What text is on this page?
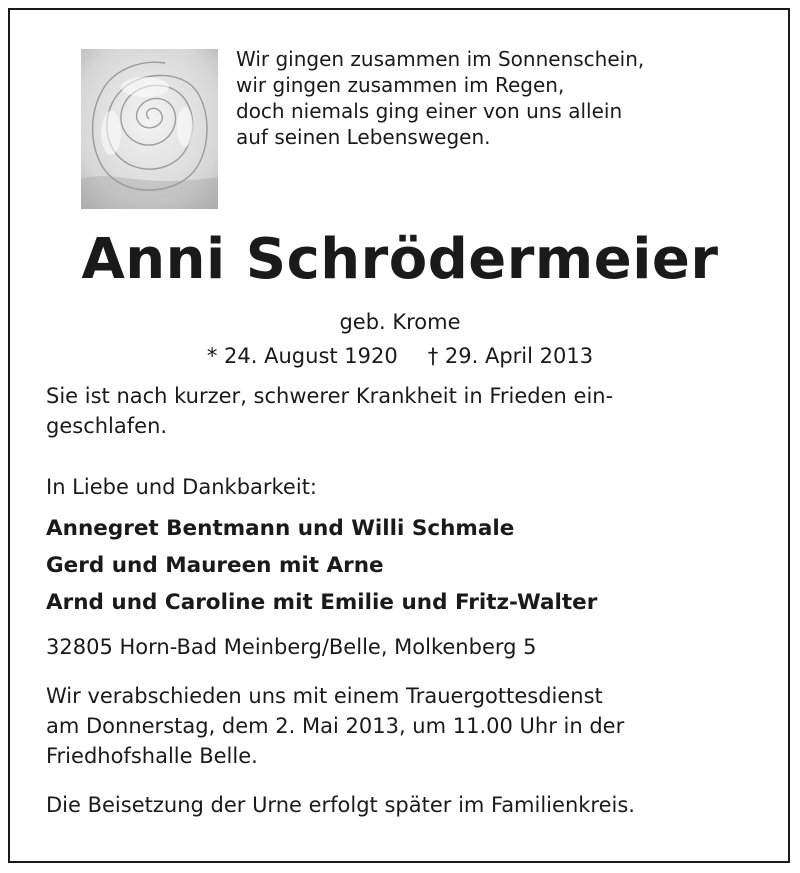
Wir gingen zusammen im Sonnenschein,
wir gingen zusammen im Regen,
doch niemals ging einer von uns allein
auf seinen Lebenswegen.
Anni Schrödermeier
geb. Krome
* 24. August 1920 † 29. April 2013
Sie ist nach kurzer, schwerer Krankheit in Frieden ein-
geschlafen.
In Liebe und Dankbarkeit:
Annegret Bentmann und Willi Schmale
Gerd und Maureen mit Arne
Arnd und Caroline mit Emilie und Fritz-Walter
32805 Horn-Bad Meinberg/Belle, Molkenberg 5
Wir verabschieden uns mit einem Trauergottesdienst
am Donnerstag, dem 2. Mai 2013, um 11.00 Uhr in der
Friedhofshalle Belle.
Die Beisetzung der Urne erfolgt später im Familienkreis.
